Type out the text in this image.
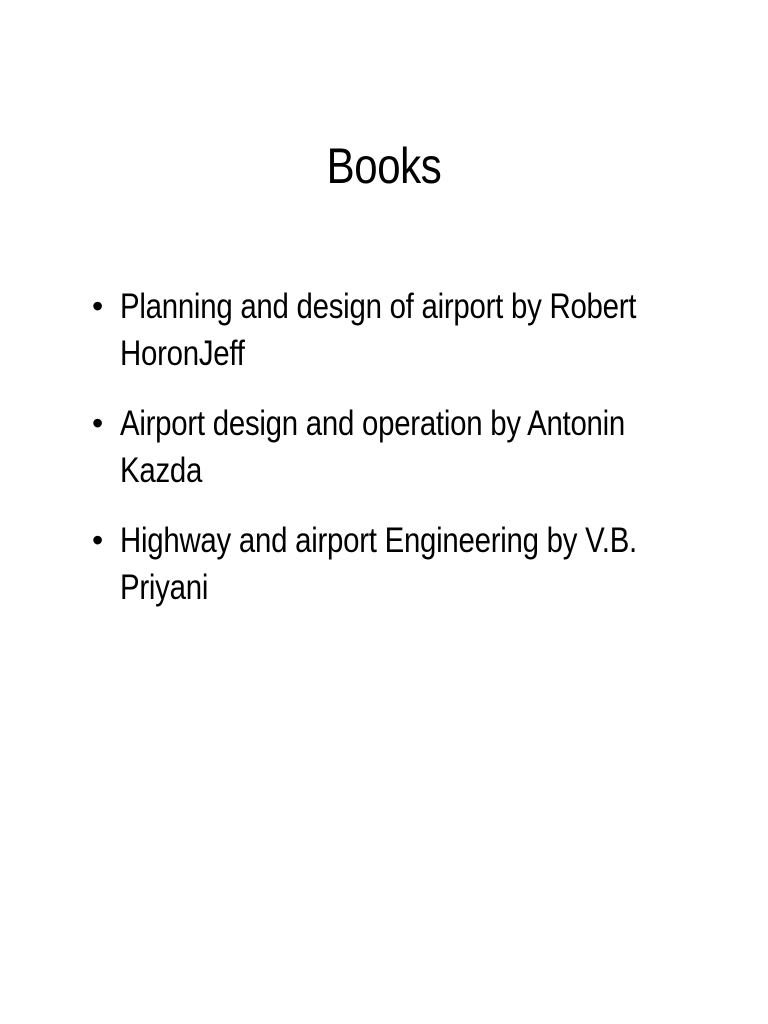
Books
• Planning and design of airport by Robert
HoronJeff
• Airport design and operation by Antonin
Kazda
• Highway and airport Engineering by V.B.
Priyani
